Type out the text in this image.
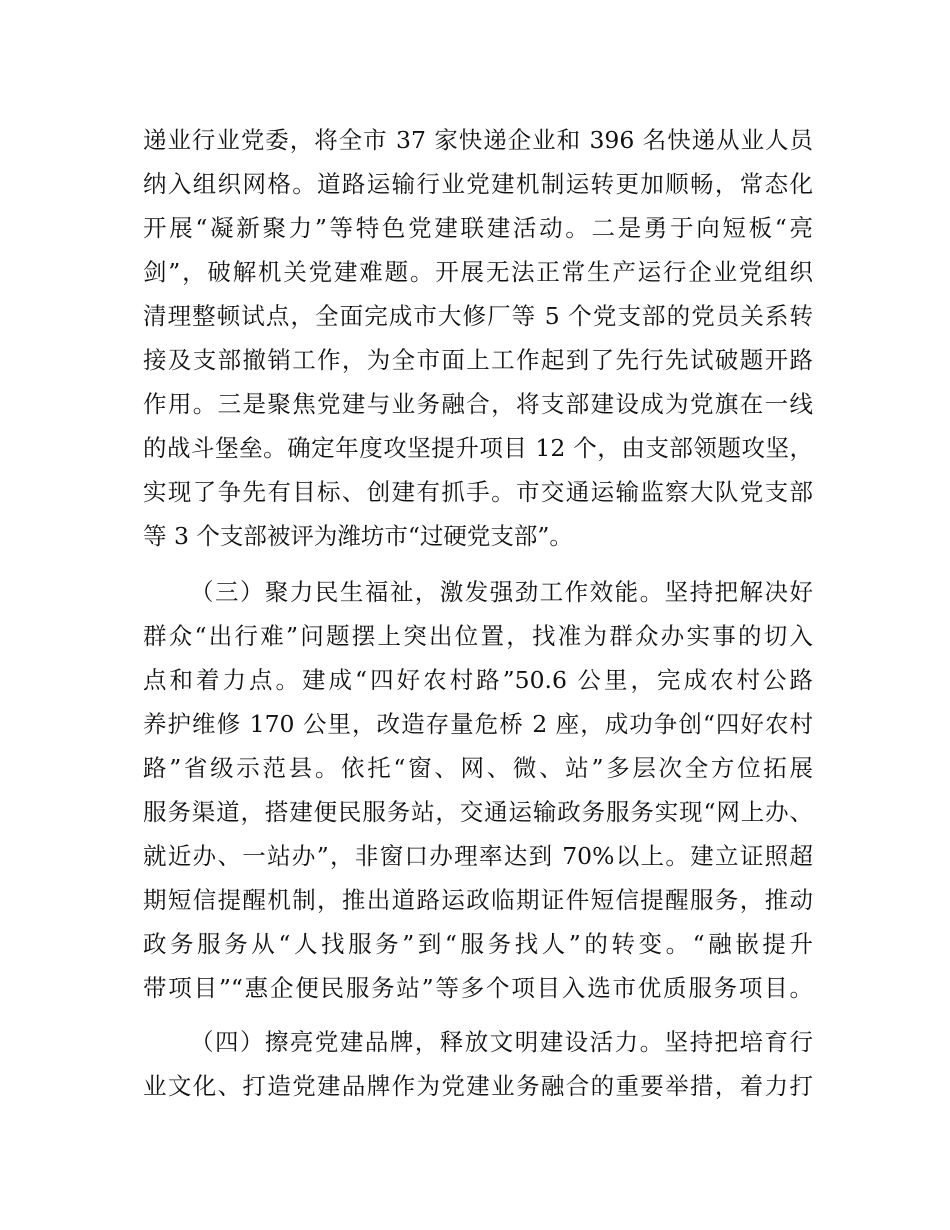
递业行业党委，将全市 37 家快递企业和 396 名快递从业人员
纳入组织网格。道路运输行业党建机制运转更加顺畅，常态化
开展“凝新聚力”等特色党建联建活动。二是勇于向短板“亮
剑”，破解机关党建难题。开展无法正常生产运行企业党组织
清理整顿试点，全面完成市大修厂等 5 个党支部的党员关系转
接及支部撤销工作，为全市面上工作起到了先行先试破题开路
作用。三是聚焦党建与业务融合，将支部建设成为党旗在一线
的战斗堡垒。确定年度攻坚提升项目 12 个，由支部领题攻坚，
实现了争先有目标、创建有抓手。市交通运输监察大队党支部
等 3 个支部被评为潍坊市“过硬党支部”。
（三）聚力民生福祉，激发强劲工作效能。坚持把解决好
群众“出行难”问题摆上突出位置，找准为群众办实事的切入
点和着力点。建成“四好农村路”50.6 公里，完成农村公路
养护维修 170 公里，改造存量危桥 2 座，成功争创“四好农村
路”省级示范县。依托“窗、网、微、站”多层次全方位拓展
服务渠道，搭建便民服务站，交通运输政务服务实现“网上办、
就近办、一站办”，非窗口办理率达到 70%以上。建立证照超
期短信提醒机制，推出道路运政临期证件短信提醒服务，推动
政务服务从“人找服务”到“服务找人”的转变。“融嵌提升
带项目”“惠企便民服务站”等多个项目入选市优质服务项目。
（四）擦亮党建品牌，释放文明建设活力。坚持把培育行
业文化、打造党建品牌作为党建业务融合的重要举措，着力打
